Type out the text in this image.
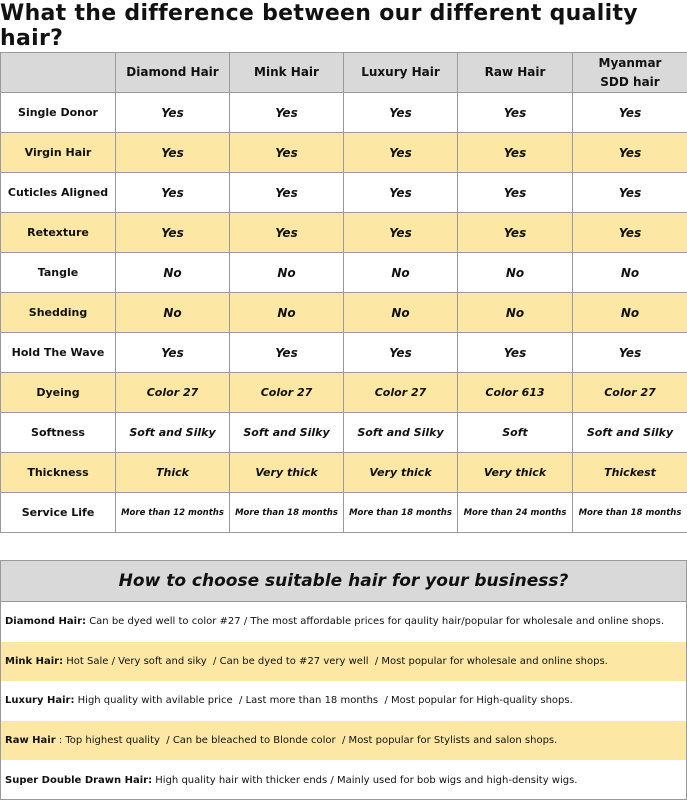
What the difference between our different quality hair?
	Diamond Hair	Mink Hair	Luxury Hair	Raw Hair	Myanmar SDD hair
Single Donor	Yes	Yes	Yes	Yes	Yes
Virgin Hair	Yes	Yes	Yes	Yes	Yes
Cuticles Aligned	Yes	Yes	Yes	Yes	Yes
Retexture	Yes	Yes	Yes	Yes	Yes
Tangle	No	No	No	No	No
Shedding	No	No	No	No	No
Hold The Wave	Yes	Yes	Yes	Yes	Yes
Dyeing	Color 27	Color 27	Color 27	Color 613	Color 27
Softness	Soft and Silky	Soft and Silky	Soft and Silky	Soft	Soft and Silky
Thickness	Thick	Very thick	Very thick	Very thick	Thickest
Service Life	More than 12 months	More than 18 months	More than 18 months	More than 24 months	More than 18 months
How to choose suitable hair for your business?
Diamond Hair: Can be dyed well to color #27 / The most affordable prices for qaulity hair/popular for wholesale and online shops.
Mink Hair: Hot Sale / Very soft and siky  / Can be dyed to #27 very well  / Most popular for wholesale and online shops.
Luxury Hair: High quality with avilable price  / Last more than 18 months  / Most popular for High-quality shops.
Raw Hair : Top highest quality  / Can be bleached to Blonde color  / Most popular for Stylists and salon shops.
Super Double Drawn Hair: High quality hair with thicker ends / Mainly used for bob wigs and high-density wigs.
